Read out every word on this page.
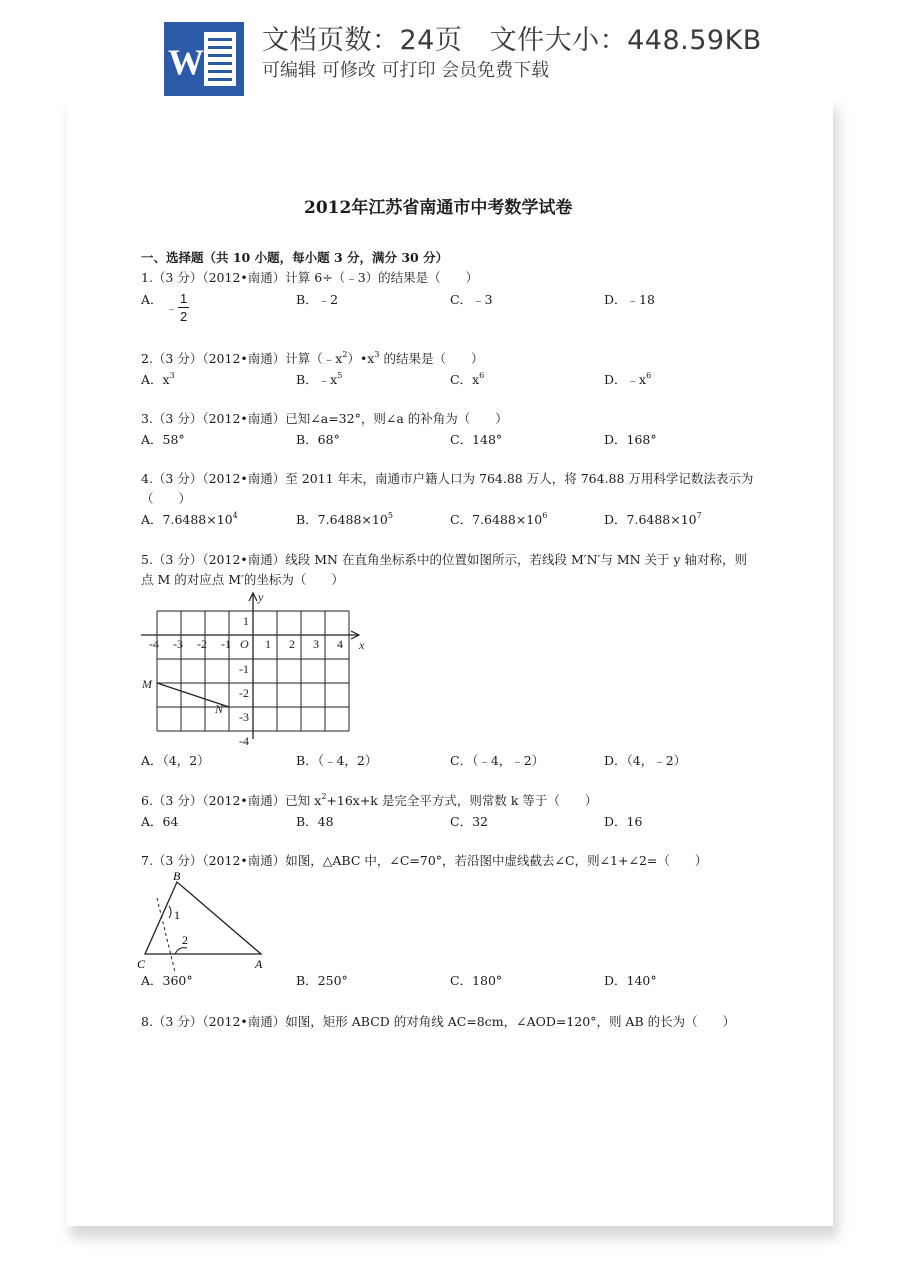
W
文档页数：24页   文件大小：448.59KB
可编辑 可修改 可打印 会员免费下载
2012年江苏省南通市中考数学试卷
一、选择题（共 10 小题，每小题 3 分，满分 30 分）
1.（3 分）（2012•南通）计算 6÷（﹣3）的结果是（　　）
A．
﹣
1
2
B．﹣2	C．﹣3	D．﹣18
2.（3 分）（2012•南通）计算$(﹣x^2)•x^3$ 的结果是（　　）
A．$x^3$	B．$﹣x^5$	C．$x^6$	D．$﹣x^6$
3.（3 分）（2012•南通）已知∠a=32°，则∠a 的补角为（　　）
A．58°	B．68°	C．148°	D．168°
4.（3 分）（2012•南通）至 2011 年末，南通市户籍人口为 764.88 万人，将 764.88 万用科学记数法表示为
（　　）
A．$7.6488\times 10^4$	B．$7.6488\times 10^5$	C．$7.6488\times 10^6$	D．$7.6488\times 10^7$
5.（3 分）（2012•南通）线段 MN 在直角坐标系中的位置如图所示，若线段 M′N′与 MN 关于 y 轴对称，则
点 M 的对应点 M′的坐标为（　　）
-4 -3 -2 -1 O 1 2 3 4
1
-1
-2
-3
-4
x
y
M
N
A．（4，2）	B．（﹣4，2）	C．（﹣4，﹣2）	D．（4，﹣2）
6.（3 分）（2012•南通）已知 $x^2+16x+k$ 是完全平方式，则常数 k 等于（　　）
A．64	B．48	C．32	D．16
7.（3 分）（2012•南通）如图，△ABC 中，∠C=70°，若沿图中虚线截去∠C，则∠1+∠2=（　　）
B
C	A
1
2
A．360°	B．250°	C．180°	D．140°
8.（3 分）（2012•南通）如图，矩形 ABCD 的对角线 AC=8cm，∠AOD=120°，则 AB 的长为（　　）
